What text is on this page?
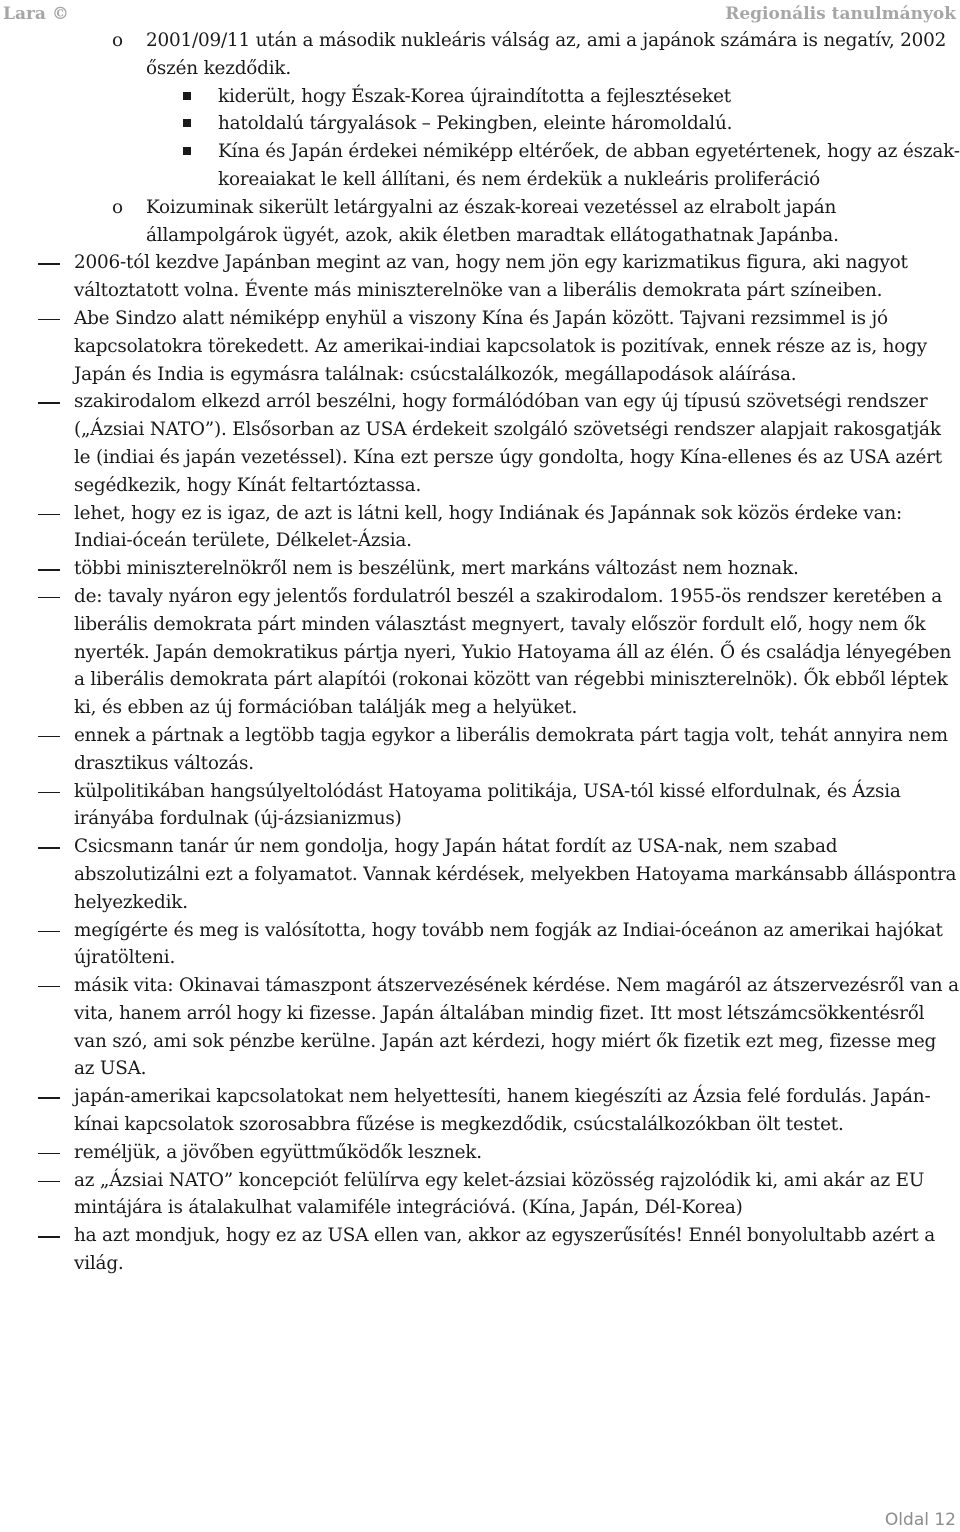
Lara ©	Regionális tanulmányok
o 2001/09/11 után a második nukleáris válság az, ami a japánok számára is negatív, 2002 őszén kezdődik.
kiderült, hogy Észak-Korea újraindította a fejlesztéseket
hatoldalú tárgyalások – Pekingben, eleinte háromoldalú.
Kína és Japán érdekei némiképp eltérőek, de abban egyetértenek, hogy az észak-koreaiakat le kell állítani, és nem érdekük a nukleáris proliferáció
o Koizuminak sikerült letárgyalni az észak-koreai vezetéssel az elrabolt japán állampolgárok ügyét, azok, akik életben maradtak ellátogathatnak Japánba.
2006-tól kezdve Japánban megint az van, hogy nem jön egy karizmatikus figura, aki nagyot változtatott volna. Évente más miniszterelnöke van a liberális demokrata párt színeiben.
Abe Sindzo alatt némiképp enyhül a viszony Kína és Japán között. Tajvani rezsimmel is jó kapcsolatokra törekedett. Az amerikai-indiai kapcsolatok is pozitívak, ennek része az is, hogy Japán és India is egymásra találnak: csúcstalálkozók, megállapodások aláírása.
szakirodalom elkezd arról beszélni, hogy formálódóban van egy új típusú szövetségi rendszer („Ázsiai NATO”). Elsősorban az USA érdekeit szolgáló szövetségi rendszer alapjait rakosgatják le (indiai és japán vezetéssel). Kína ezt persze úgy gondolta, hogy Kína-ellenes és az USA azért segédkezik, hogy Kínát feltartóztassa.
lehet, hogy ez is igaz, de azt is látni kell, hogy Indiának és Japánnak sok közös érdeke van: Indiai-óceán területe, Délkelet-Ázsia.
többi miniszterelnökről nem is beszélünk, mert markáns változást nem hoznak.
de: tavaly nyáron egy jelentős fordulatról beszél a szakirodalom. 1955-ös rendszer keretében a liberális demokrata párt minden választást megnyert, tavaly először fordult elő, hogy nem ők nyerték. Japán demokratikus pártja nyeri, Yukio Hatoyama áll az élén. Ő és családja lényegében a liberális demokrata párt alapítói (rokonai között van régebbi miniszterelnök). Ők ebből léptek ki, és ebben az új formációban találják meg a helyüket.
ennek a pártnak a legtöbb tagja egykor a liberális demokrata párt tagja volt, tehát annyira nem drasztikus változás.
külpolitikában hangsúlyeltolódást Hatoyama politikája, USA-tól kissé elfordulnak, és Ázsia irányába fordulnak (új-ázsianizmus)
Csicsmann tanár úr nem gondolja, hogy Japán hátat fordít az USA-nak, nem szabad abszolutizálni ezt a folyamatot. Vannak kérdések, melyekben Hatoyama markánsabb álláspontra helyezkedik.
megígérte és meg is valósította, hogy tovább nem fogják az Indiai-óceánon az amerikai hajókat újratölteni.
másik vita: Okinavai támaszpont átszervezésének kérdése. Nem magáról az átszervezésről van a vita, hanem arról hogy ki fizesse. Japán általában mindig fizet. Itt most létszámcsökkentésről van szó, ami sok pénzbe kerülne. Japán azt kérdezi, hogy miért ők fizetik ezt meg, fizesse meg az USA.
japán-amerikai kapcsolatokat nem helyettesíti, hanem kiegészíti az Ázsia felé fordulás. Japán-kínai kapcsolatok szorosabbra fűzése is megkezdődik, csúcstalálkozókban ölt testet.
reméljük, a jövőben együttműködők lesznek.
az „Ázsiai NATO” koncepciót felülírva egy kelet-ázsiai közösség rajzolódik ki, ami akár az EU mintájára is átalakulhat valamiféle integrációvá. (Kína, Japán, Dél-Korea)
ha azt mondjuk, hogy ez az USA ellen van, akkor az egyszerűsítés! Ennél bonyolultabb azért a világ.
Oldal 12
